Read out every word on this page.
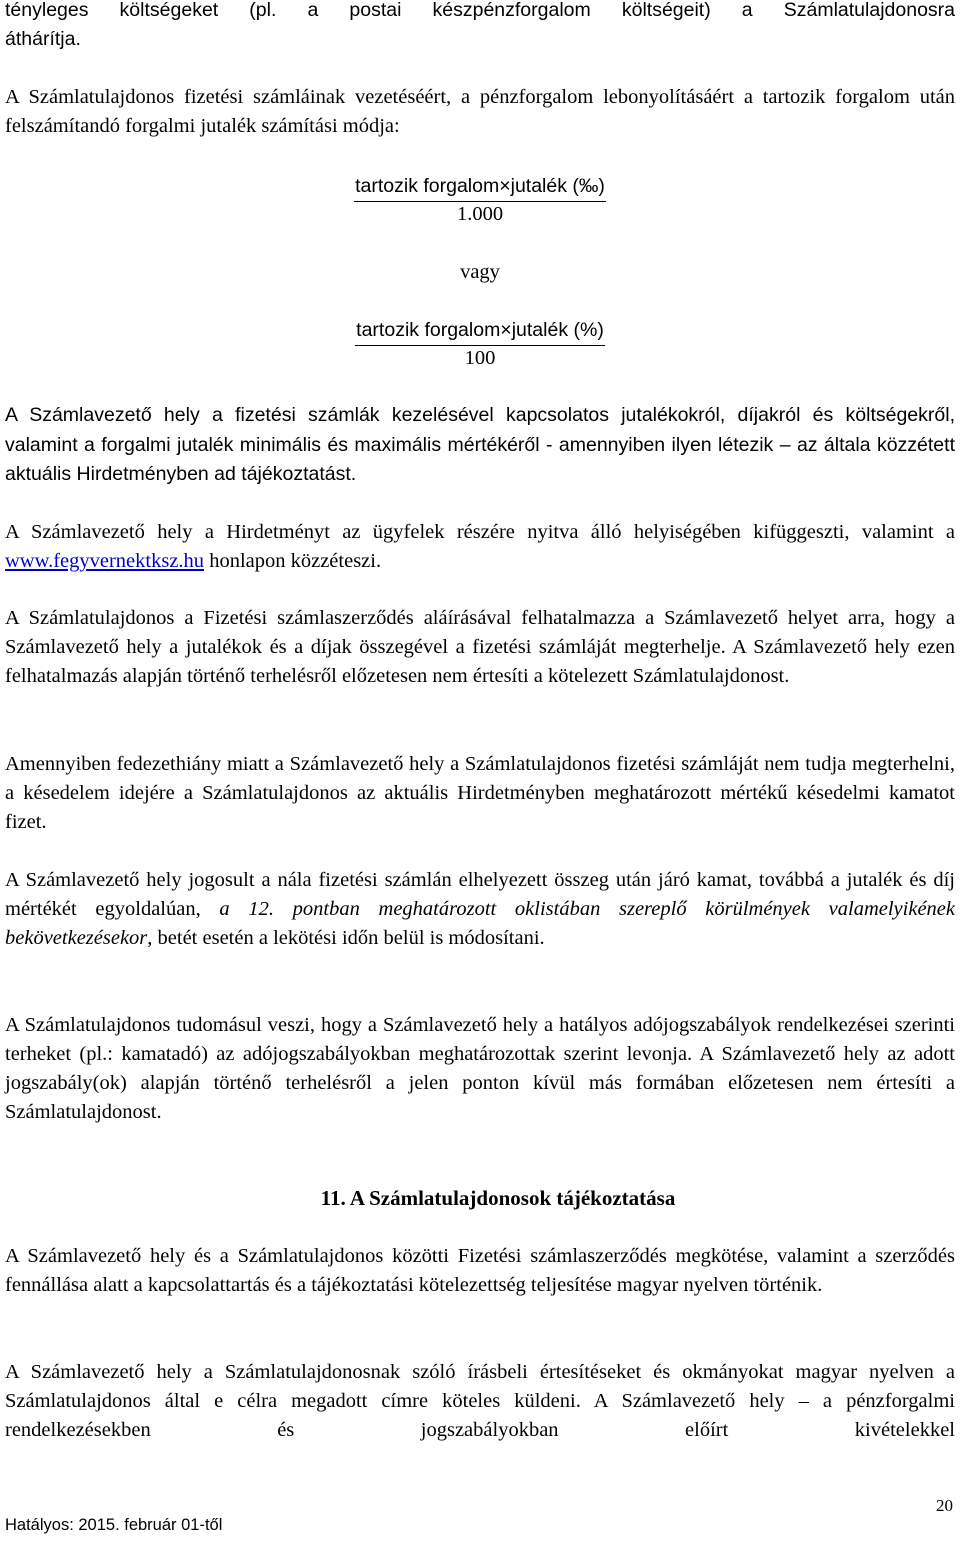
tényleges költségeket (pl. a postai készpénzforgalom költségeit) a Számlatulajdonosra
áthárítja.

A Számlatulajdonos fizetési számláinak vezetéséért, a pénzforgalom lebonyolításáért a tartozik forgalom után felszámítandó forgalmi jutalék számítási módja:

tartozik forgalom×jutalék (‰)
1.000
vagy
tartozik forgalom×jutalék (%)
100

A Számlavezető hely a fizetési számlák kezelésével kapcsolatos jutalékokról, díjakról és költségekről, valamint a forgalmi jutalék minimális és maximális mértékéről - amennyiben ilyen létezik – az általa közzétett aktuális Hirdetményben ad tájékoztatást.

A Számlavezető hely a Hirdetményt az ügyfelek részére nyitva álló helyiségében kifüggeszti, valamint a www.fegyvernektksz.hu honlapon közzéteszi.

A Számlatulajdonos a Fizetési számlaszerződés aláírásával felhatalmazza a Számlavezető helyet arra, hogy a Számlavezető hely a jutalékok és a díjak összegével a fizetési számláját megterhelje. A Számlavezető hely ezen felhatalmazás alapján történő terhelésről előzetesen nem értesíti a kötelezett Számlatulajdonost.

Amennyiben fedezethiány miatt a Számlavezető hely a Számlatulajdonos fizetési számláját nem tudja megterhelni, a késedelem idejére a Számlatulajdonos az aktuális Hirdetményben meghatározott mértékű késedelmi kamatot fizet.

A Számlavezető hely jogosult a nála fizetési számlán elhelyezett összeg után járó kamat, továbbá a jutalék és díj mértékét egyoldalúan, a 12. pontban meghatározott oklistában szereplő körülmények valamelyikének bekövetkezésekor, betét esetén a lekötési időn belül is módosítani.

A Számlatulajdonos tudomásul veszi, hogy a Számlavezető hely a hatályos adójogszabályok rendelkezései szerinti terheket (pl.: kamatadó) az adójogszabályokban meghatározottak szerint levonja. A Számlavezető hely az adott jogszabály(ok) alapján történő terhelésről a jelen ponton kívül más formában előzetesen nem értesíti a Számlatulajdonost.

11. A Számlatulajdonosok tájékoztatása

A Számlavezető hely és a Számlatulajdonos közötti Fizetési számlaszerződés megkötése, valamint a szerződés fennállása alatt a kapcsolattartás és a tájékoztatási kötelezettség teljesítése magyar nyelven történik.

A Számlavezető hely a Számlatulajdonosnak szóló írásbeli értesítéseket és okmányokat magyar nyelven a Számlatulajdonos által e célra megadott címre köteles küldeni. A Számlavezető hely – a pénzforgalmi rendelkezésekben és jogszabályokban előírt kivételekkel

20
Hatályos: 2015. február 01-től
